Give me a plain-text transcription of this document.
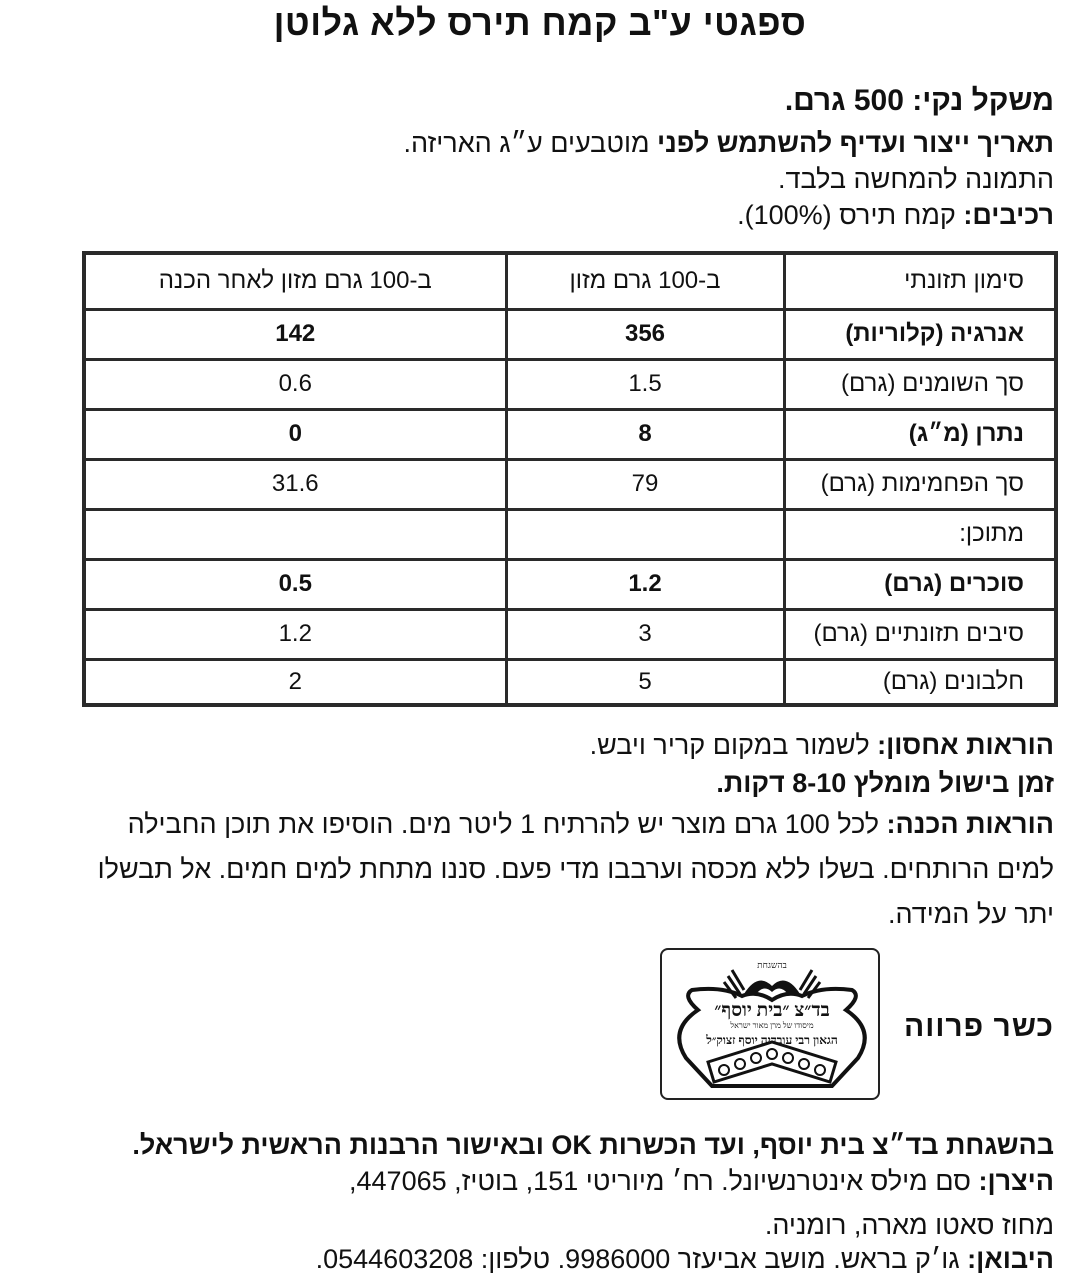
ספגטי ע"ב קמח תירס ללא גלוטן
משקל נקי: 500 גרם.
תאריך ייצור ועדיף להשתמש לפני מוטבעים ע״ג האריזה.
התמונה להמחשה בלבד.
רכיבים: קמח תירס (100%).
סימון תזונתי	ב-100 גרם מזון	ב-100 גרם מזון לאחר הכנה
אנרגיה (קלוריות)	356	142
סך השומנים (גרם)	1.5	0.6
נתרן (מ״ג)	8	0
סך הפחמימות (גרם)	79	31.6
מתוכן:		
סוכרים (גרם)	1.2	0.5
סיבים תזונתיים (גרם)	3	1.2
חלבונים (גרם)	5	2
הוראות אחסון: לשמור במקום קריר ויבש.
זמן בישול מומלץ 8-10 דקות.
הוראות הכנה: לכל 100 גרם מוצר יש להרתיח 1 ליטר מים. הוסיפו את תוכן החבילה למים הרותחים. בשלו ללא מכסה וערבבו מדי פעם. סננו מתחת למים חמים. אל תבשלו יתר על המידה.
כשר פרווה
בהשגחת
בד״צ ״בית יוסף״
מיסודו של מרן מאור ישראל
הגאון רבי עובדיה יוסף זצוק״ל
בהשגחת בד״צ בית יוסף, ועד הכשרות OK ובאישור הרבנות הראשית לישראל.
היצרן: סם מילס אינטרנשיונל. רח׳ מיוריטי 151, בוטיז, 447065,
מחוז סאטו מארה, רומניה.
היבואן: גו׳ק בראש. מושב אביעזר 9986000. טלפון: 0544603208.
